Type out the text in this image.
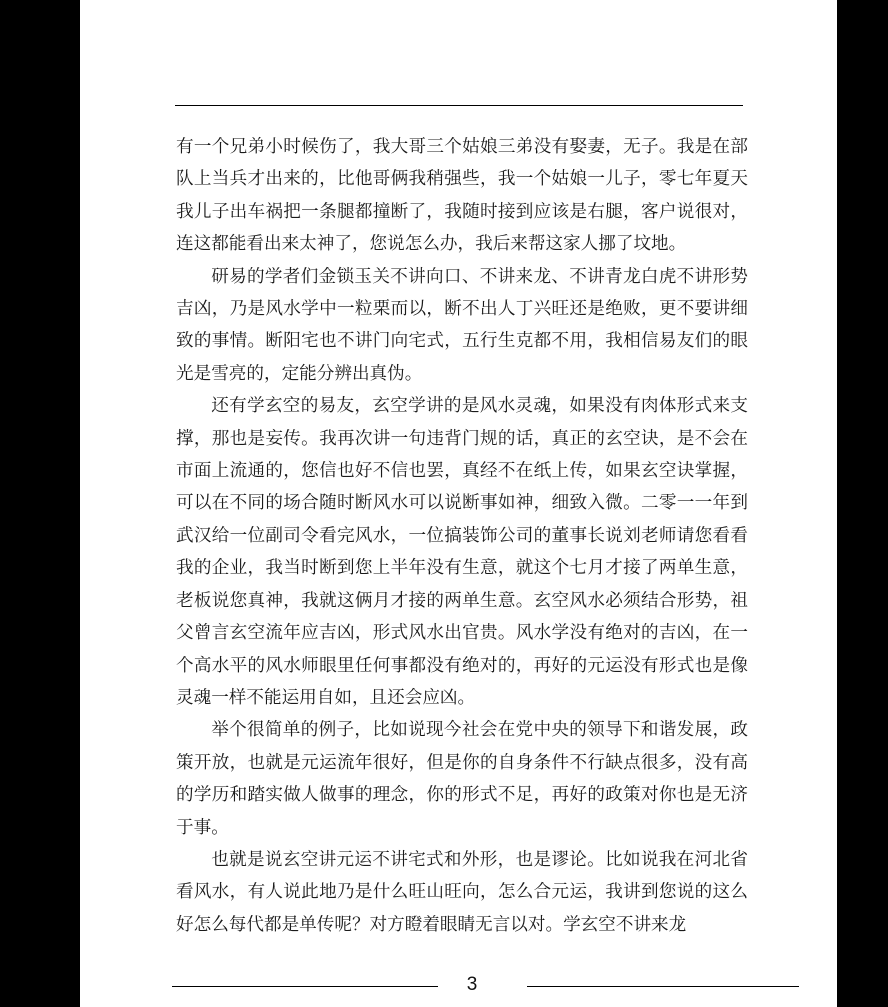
有一个兄弟小时候伤了，我大哥三个姑娘三弟没有娶妻，无子。我是在部队上当兵才出来的，比他哥俩我稍强些，我一个姑娘一儿子，零七年夏天我儿子出车祸把一条腿都撞断了，我随时接到应该是右腿，客户说很对，连这都能看出来太神了，您说怎么办，我后来帮这家人挪了坟地。

研易的学者们金锁玉关不讲向口、不讲来龙、不讲青龙白虎不讲形势吉凶，乃是风水学中一粒栗而以，断不出人丁兴旺还是绝败，更不要讲细致的事情。断阳宅也不讲门向宅式，五行生克都不用，我相信易友们的眼光是雪亮的，定能分辨出真伪。

还有学玄空的易友，玄空学讲的是风水灵魂，如果没有肉体形式来支撑，那也是妄传。我再次讲一句违背门规的话，真正的玄空诀，是不会在市面上流通的，您信也好不信也罢，真经不在纸上传，如果玄空诀掌握，可以在不同的场合随时断风水可以说断事如神，细致入微。二零一一年到武汉给一位副司令看完风水，一位搞装饰公司的董事长说刘老师请您看看我的企业，我当时断到您上半年没有生意，就这个七月才接了两单生意，老板说您真神，我就这俩月才接的两单生意。玄空风水必须结合形势，祖父曾言玄空流年应吉凶，形式风水出官贵。风水学没有绝对的吉凶，在一个高水平的风水师眼里任何事都没有绝对的，再好的元运没有形式也是像灵魂一样不能运用自如，且还会应凶。

举个很简单的例子，比如说现今社会在党中央的领导下和谐发展，政策开放，也就是元运流年很好，但是你的自身条件不行缺点很多，没有高的学历和踏实做人做事的理念，你的形式不足，再好的政策对你也是无济于事。

也就是说玄空讲元运不讲宅式和外形，也是谬论。比如说我在河北省看风水，有人说此地乃是什么旺山旺向，怎么合元运，我讲到您说的这么好怎么每代都是单传呢？对方瞪着眼睛无言以对。学玄空不讲来龙

3
